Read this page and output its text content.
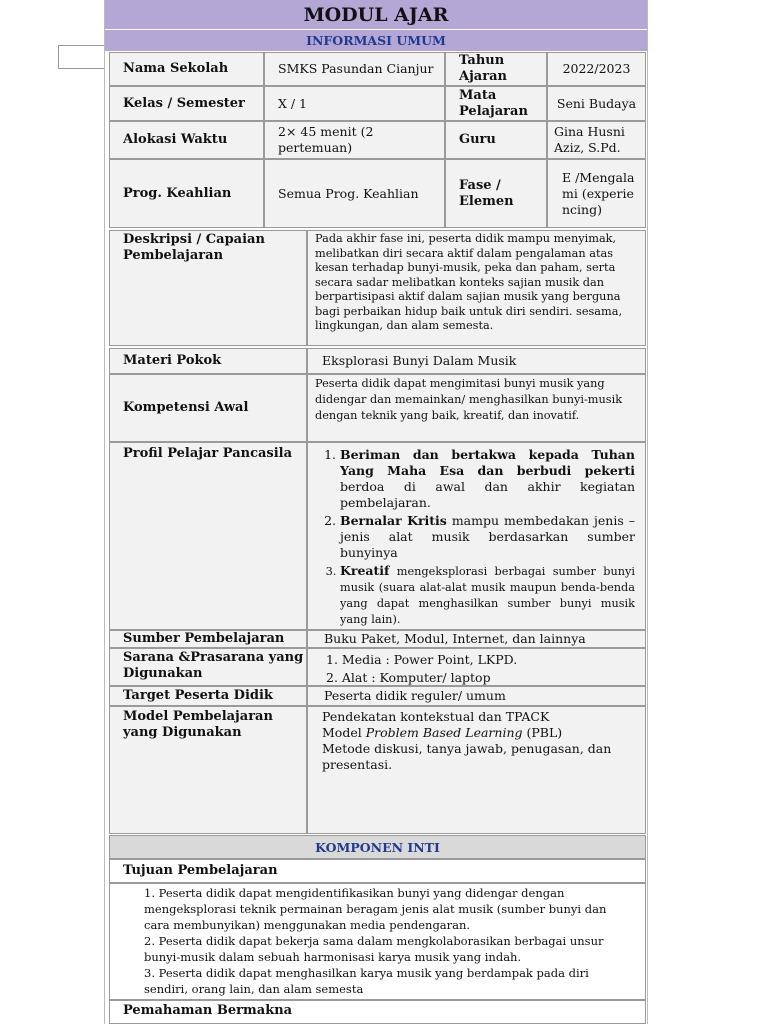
MODUL AJAR
INFORMASI UMUM
Nama Sekolah	SMKS Pasundan Cianjur
Tahun Ajaran
2022/2023
Kelas / Semester	X / 1
Mata Pelajaran
Seni Budaya
Alokasi Waktu
2× 45 menit (2 pertemuan)
Guru
Gina Husni Aziz, S.Pd.
Prog. Keahlian	Semua Prog. Keahlian
Fase / Elemen
E /Mengalami (experiencing)
Deskripsi / Capaian Pembelajaran
Pada akhir fase ini, peserta didik mampu menyimak, melibatkan diri secara aktif dalam pengalaman atas kesan terhadap bunyi-musik, peka dan paham, serta secara sadar melibatkan konteks sajian musik dan berpartisipasi aktif dalam sajian musik yang berguna bagi perbaikan hidup baik untuk diri sendiri. sesama, lingkungan, dan alam semesta.
Materi Pokok	Eksplorasi Bunyi Dalam Musik
Kompetensi Awal
Peserta didik dapat mengimitasi bunyi musik yang didengar dan memainkan/ menghasilkan bunyi-musik dengan teknik yang baik, kreatif, dan inovatif.
Profil Pelajar Pancasila
1.	Beriman dan bertakwa kepada Tuhan Yang Maha Esa dan berbudi pekerti berdoa di awal dan akhir kegiatan pembelajaran.
2. Bernalar Kritis mampu membedakan jenis – jenis alat musik berdasarkan sumber bunyinya
3. Kreatif mengeksplorasi berbagai sumber bunyi musik (suara alat-alat musik maupun benda-benda yang dapat menghasilkan sumber bunyi musik yang lain).
Sumber Pembelajaran	Buku Paket, Modul, Internet, dan lainnya
Sarana &Prasarana yang Digunakan
1. Media : Power Point, LKPD.
2. Alat : Komputer/ laptop
Target Peserta Didik	Peserta didik reguler/ umum
Model Pembelajaran yang Digunakan
Pendekatan kontekstual dan TPACK
Model Problem Based Learning (PBL)
Metode diskusi, tanya jawab, penugasan, dan presentasi.
KOMPONEN INTI
Tujuan Pembelajaran

1. Peserta didik dapat mengidentifikasikan bunyi yang didengar dengan mengeksplorasi teknik permainan beragam jenis alat musik (sumber bunyi dan cara membunyikan) menggunakan media pendengaran.

2. Peserta didik dapat bekerja sama dalam mengkolaborasikan berbagai unsur bunyi-musik dalam sebuah harmonisasi karya musik yang indah.

3. Peserta didik dapat menghasilkan karya musik yang berdampak pada diri sendiri, orang lain, dan alam semesta

Pemahaman Bermakna
